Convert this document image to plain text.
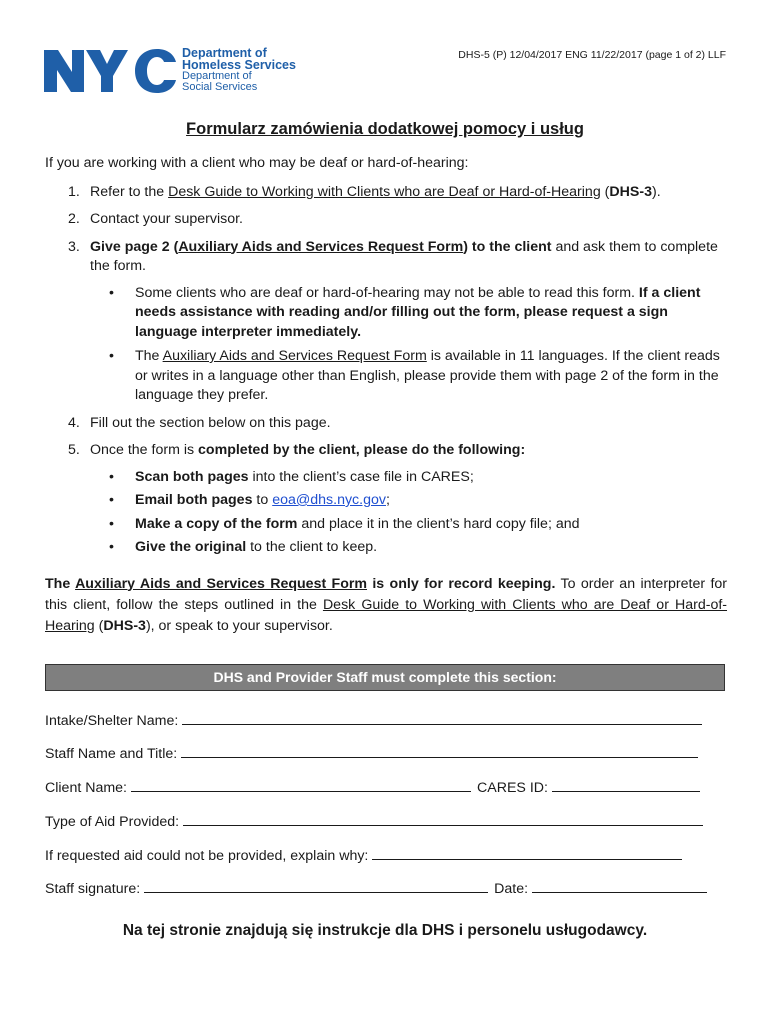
Department of
Homeless Services
Department of
Social Services
DHS-5 (P) 12/04/2017 ENG 11/22/2017 (page 1 of 2) LLF
Formularz zamówienia dodatkowej pomocy i usług

If you are working with a client who may be deaf or hard-of-hearing:

1. Refer to the Desk Guide to Working with Clients who are Deaf or Hard-of-Hearing (DHS-3).
2. Contact your supervisor.
3. Give page 2 (Auxiliary Aids and Services Request Form) to the client and ask them to complete the form.
• Some clients who are deaf or hard-of-hearing may not be able to read this form. If a client needs assistance with reading and/or filling out the form, please request a sign language interpreter immediately.
• The Auxiliary Aids and Services Request Form is available in 11 languages. If the client reads or writes in a language other than English, please provide them with page 2 of the form in the language they prefer.
4. Fill out the section below on this page.
5. Once the form is completed by the client, please do the following:
• Scan both pages into the client’s case file in CARES;
• Email both pages to eoa@dhs.nyc.gov;
• Make a copy of the form and place it in the client’s hard copy file; and
• Give the original to the client to keep.

The Auxiliary Aids and Services Request Form is only for record keeping. To order an interpreter for this client, follow the steps outlined in the Desk Guide to Working with Clients who are Deaf or Hard-of-Hearing (DHS-3), or speak to your supervisor.

DHS and Provider Staff must complete this section:
Intake/Shelter Name:
Staff Name and Title:
Client Name:	CARES ID:
Type of Aid Provided:
If requested aid could not be provided, explain why:
Staff signature:	Date:

Na tej stronie znajdują się instrukcje dla DHS i personelu usługodawcy.
